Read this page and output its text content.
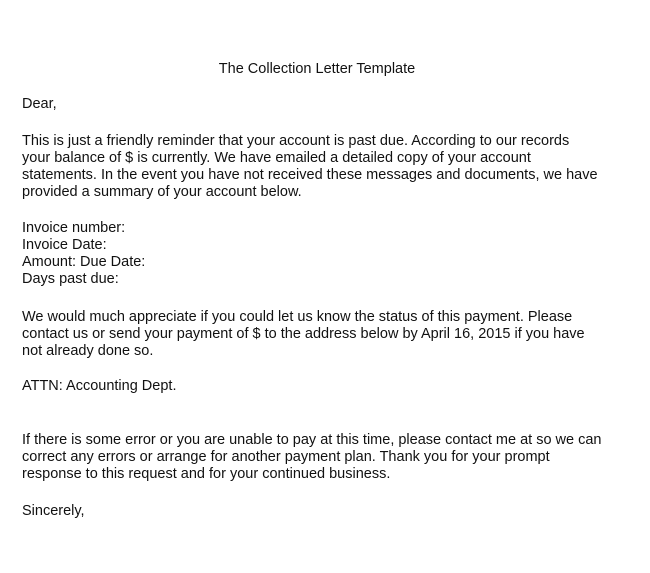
The Collection Letter Template
Dear,
This is just a friendly reminder that your account is past due. According to our records
your balance of $ is currently. We have emailed a detailed copy of your account
statements. In the event you have not received these messages and documents, we have
provided a summary of your account below.
Invoice number:
Invoice Date:
Amount: Due Date:
Days past due:
We would much appreciate if you could let us know the status of this payment. Please
contact us or send your payment of $ to the address below by April 16, 2015 if you have
not already done so.
ATTN: Accounting Dept.
If there is some error or you are unable to pay at this time, please contact me at so we can
correct any errors or arrange for another payment plan. Thank you for your prompt
response to this request and for your continued business.
Sincerely,
